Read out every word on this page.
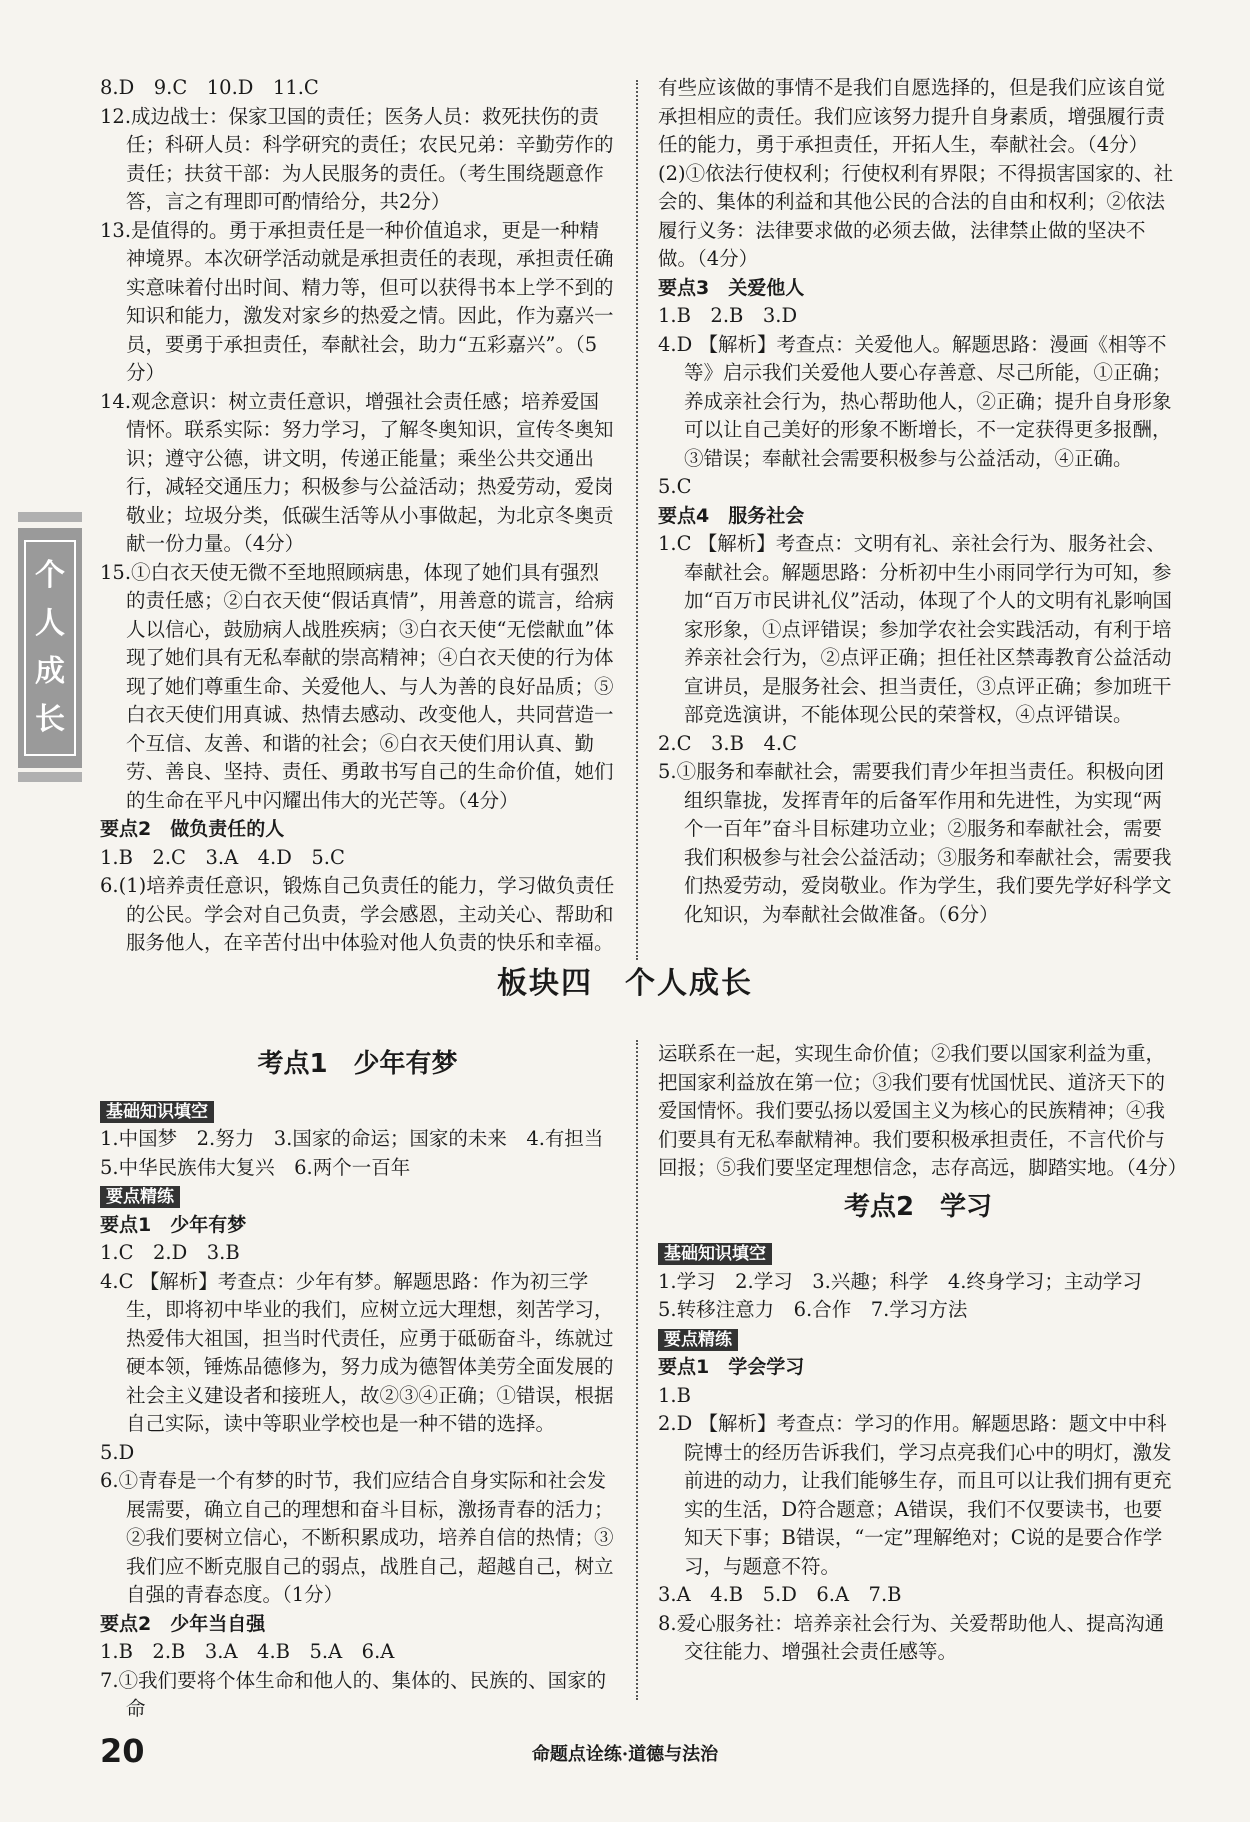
个
人
成
长

8.D　9.C　10.D　11.C

12.成边战士：保家卫国的责任；医务人员：救死扶伤的责任；科研人员：科学研究的责任；农民兄弟：辛勤劳作的责任；扶贫干部：为人民服务的责任。（考生围绕题意作答，言之有理即可酌情给分，共2分）

13.是值得的。勇于承担责任是一种价值追求，更是一种精神境界。本次研学活动就是承担责任的表现，承担责任确实意味着付出时间、精力等，但可以获得书本上学不到的知识和能力，激发对家乡的热爱之情。因此，作为嘉兴一员，要勇于承担责任，奉献社会，助力“五彩嘉兴”。（5分）

14.观念意识：树立责任意识，增强社会责任感；培养爱国情怀。联系实际：努力学习，了解冬奥知识，宣传冬奥知识；遵守公德，讲文明，传递正能量；乘坐公共交通出行，减轻交通压力；积极参与公益活动；热爱劳动，爱岗敬业；垃圾分类，低碳生活等从小事做起，为北京冬奥贡献一份力量。（4分）

15.①白衣天使无微不至地照顾病患，体现了她们具有强烈的责任感；②白衣天使“假话真情”，用善意的谎言，给病人以信心，鼓励病人战胜疾病；③白衣天使“无偿献血”体现了她们具有无私奉献的崇高精神；④白衣天使的行为体现了她们尊重生命、关爱他人、与人为善的良好品质；⑤白衣天使们用真诚、热情去感动、改变他人，共同营造一个互信、友善、和谐的社会；⑥白衣天使们用认真、勤劳、善良、坚持、责任、勇敢书写自己的生命价值，她们的生命在平凡中闪耀出伟大的光芒等。（4分）

要点2　做负责任的人

1.B　2.C　3.A　4.D　5.C

6.(1)培养责任意识，锻炼自己负责任的能力，学习做负责任的公民。学会对自己负责，学会感恩，主动关心、帮助和服务他人，在辛苦付出中体验对他人负责的快乐和幸福。

有些应该做的事情不是我们自愿选择的，但是我们应该自觉承担相应的责任。我们应该努力提升自身素质，增强履行责任的能力，勇于承担责任，开拓人生，奉献社会。（4分）

(2)①依法行使权利；行使权利有界限；不得损害国家的、社会的、集体的利益和其他公民的合法的自由和权利；②依法履行义务：法律要求做的必须去做，法律禁止做的坚决不做。（4分）

要点3　关爱他人

1.B　2.B　3.D

4.D 【解析】考查点：关爱他人。解题思路：漫画《相等不等》启示我们关爱他人要心存善意、尽己所能，①正确；养成亲社会行为，热心帮助他人，②正确；提升自身形象可以让自己美好的形象不断增长，不一定获得更多报酬，③错误；奉献社会需要积极参与公益活动，④正确。

5.C

要点4　服务社会

1.C 【解析】考查点：文明有礼、亲社会行为、服务社会、奉献社会。解题思路：分析初中生小雨同学行为可知，参加“百万市民讲礼仪”活动，体现了个人的文明有礼影响国家形象，①点评错误；参加学农社会实践活动，有利于培养亲社会行为，②点评正确；担任社区禁毒教育公益活动宣讲员，是服务社会、担当责任，③点评正确；参加班干部竞选演讲，不能体现公民的荣誉权，④点评错误。

2.C　3.B　4.C

5.①服务和奉献社会，需要我们青少年担当责任。积极向团组织靠拢，发挥青年的后备军作用和先进性，为实现“两个一百年”奋斗目标建功立业；②服务和奉献社会，需要我们积极参与社会公益活动；③服务和奉献社会，需要我们热爱劳动，爱岗敬业。作为学生，我们要先学好科学文化知识，为奉献社会做准备。（6分）

板块四　个人成长
考点1　少年有梦
基础知识填空

1.中国梦　2.努力　3.国家的命运；国家的未来　4.有担当

5.中华民族伟大复兴　6.两个一百年

要点精练

要点1　少年有梦

1.C　2.D　3.B

4.C 【解析】考查点：少年有梦。解题思路：作为初三学生，即将初中毕业的我们，应树立远大理想，刻苦学习，热爱伟大祖国，担当时代责任，应勇于砥砺奋斗，练就过硬本领，锤炼品德修为，努力成为德智体美劳全面发展的社会主义建设者和接班人，故②③④正确；①错误，根据自己实际，读中等职业学校也是一种不错的选择。

5.D

6.①青春是一个有梦的时节，我们应结合自身实际和社会发展需要，确立自己的理想和奋斗目标，激扬青春的活力；②我们要树立信心，不断积累成功，培养自信的热情；③我们应不断克服自己的弱点，战胜自己，超越自己，树立自强的青春态度。（1分）

要点2　少年当自强

1.B　2.B　3.A　4.B　5.A　6.A

7.①我们要将个体生命和他人的、集体的、民族的、国家的命

运联系在一起，实现生命价值；②我们要以国家利益为重，把国家利益放在第一位；③我们要有忧国忧民、道济天下的爱国情怀。我们要弘扬以爱国主义为核心的民族精神；④我们要具有无私奉献精神。我们要积极承担责任，不言代价与回报；⑤我们要坚定理想信念，志存高远，脚踏实地。（4分）

考点2　学习
基础知识填空

1.学习　2.学习　3.兴趣；科学　4.终身学习；主动学习

5.转移注意力　6.合作　7.学习方法

要点精练

要点1　学会学习

1.B

2.D 【解析】考查点：学习的作用。解题思路：题文中中科院博士的经历告诉我们，学习点亮我们心中的明灯，激发前进的动力，让我们能够生存，而且可以让我们拥有更充实的生活，D符合题意；A错误，我们不仅要读书，也要知天下事；B错误，“一定”理解绝对；C说的是要合作学习，与题意不符。

3.A　4.B　5.D　6.A　7.B

8.爱心服务社：培养亲社会行为、关爱帮助他人、提高沟通交往能力、增强社会责任感等。

20	命题点诠练·道德与法治
